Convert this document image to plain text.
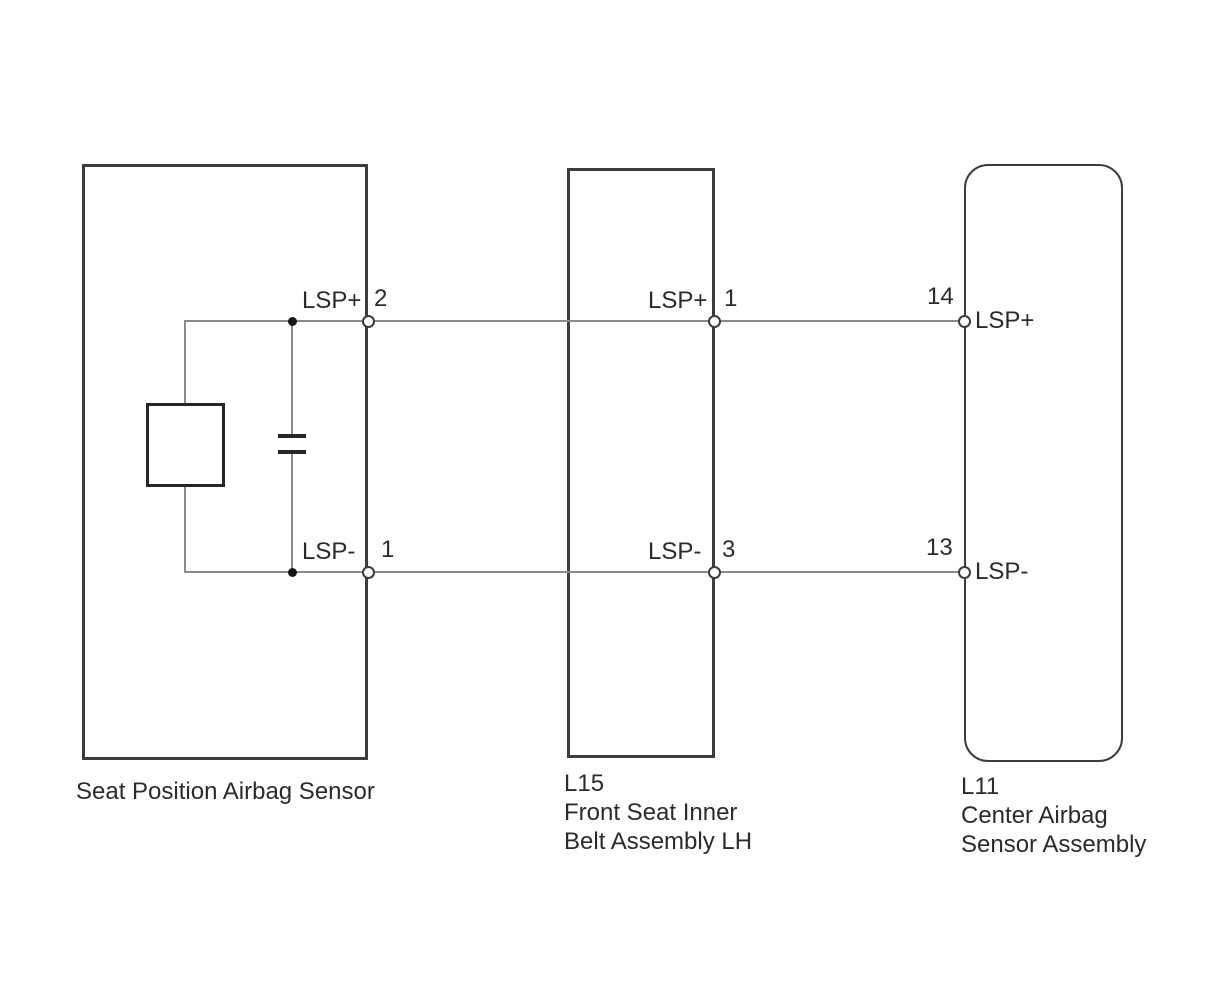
LSP+ 2
LSP- 1
LSP+ 1
LSP- 3
14
LSP+
13
LSP-
Seat Position Airbag Sensor	L15
Front Seat Inner
Belt Assembly LH
L11
Center Airbag
Sensor Assembly
